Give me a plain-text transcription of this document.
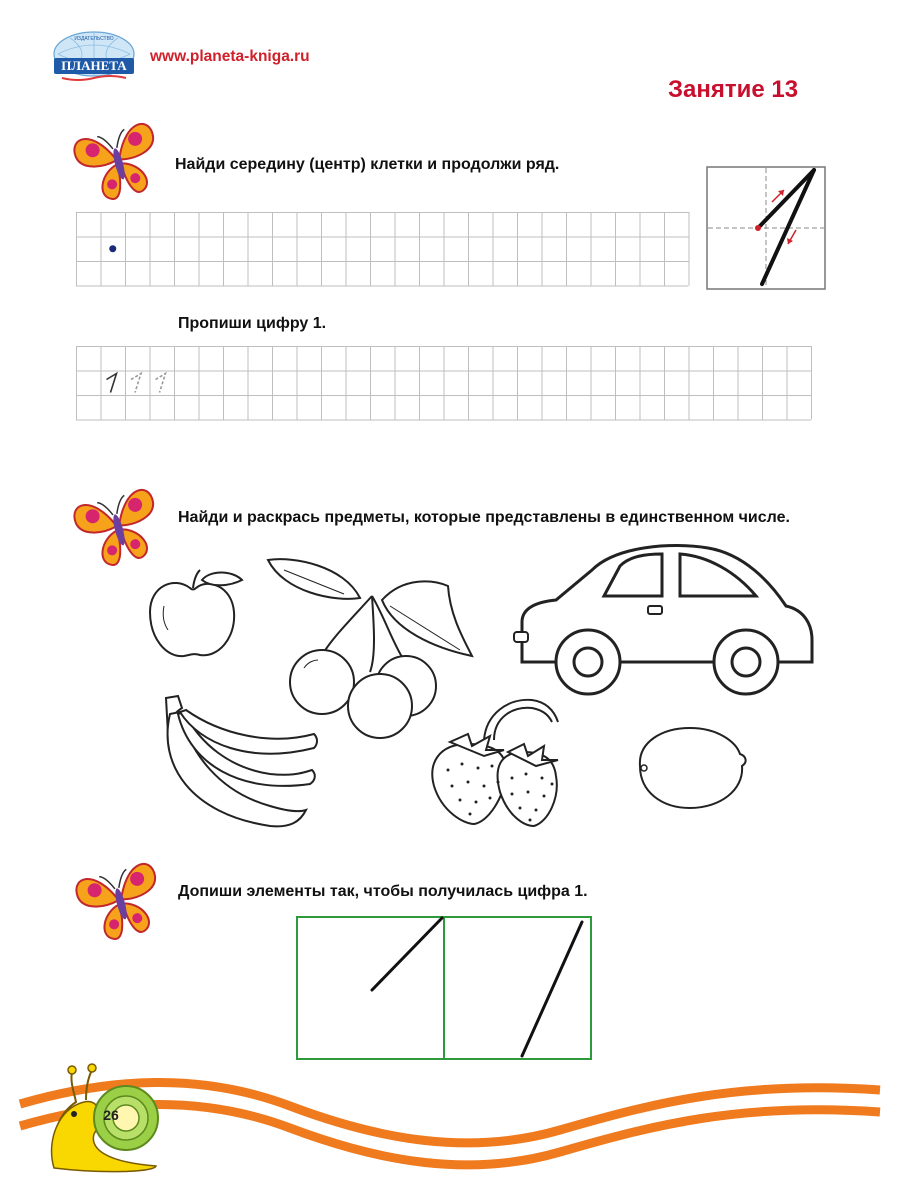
ПЛАНЕТА
ИЗДАТЕЛЬСТВО
www.planeta-kniga.ru
Занятие 13
Найди середину (центр) клетки и продолжи ряд.
Пропиши цифру 1.
Найди и раскрась предметы, которые представлены в единственном числе.
Допиши элементы так, чтобы получилась цифра 1.
26
